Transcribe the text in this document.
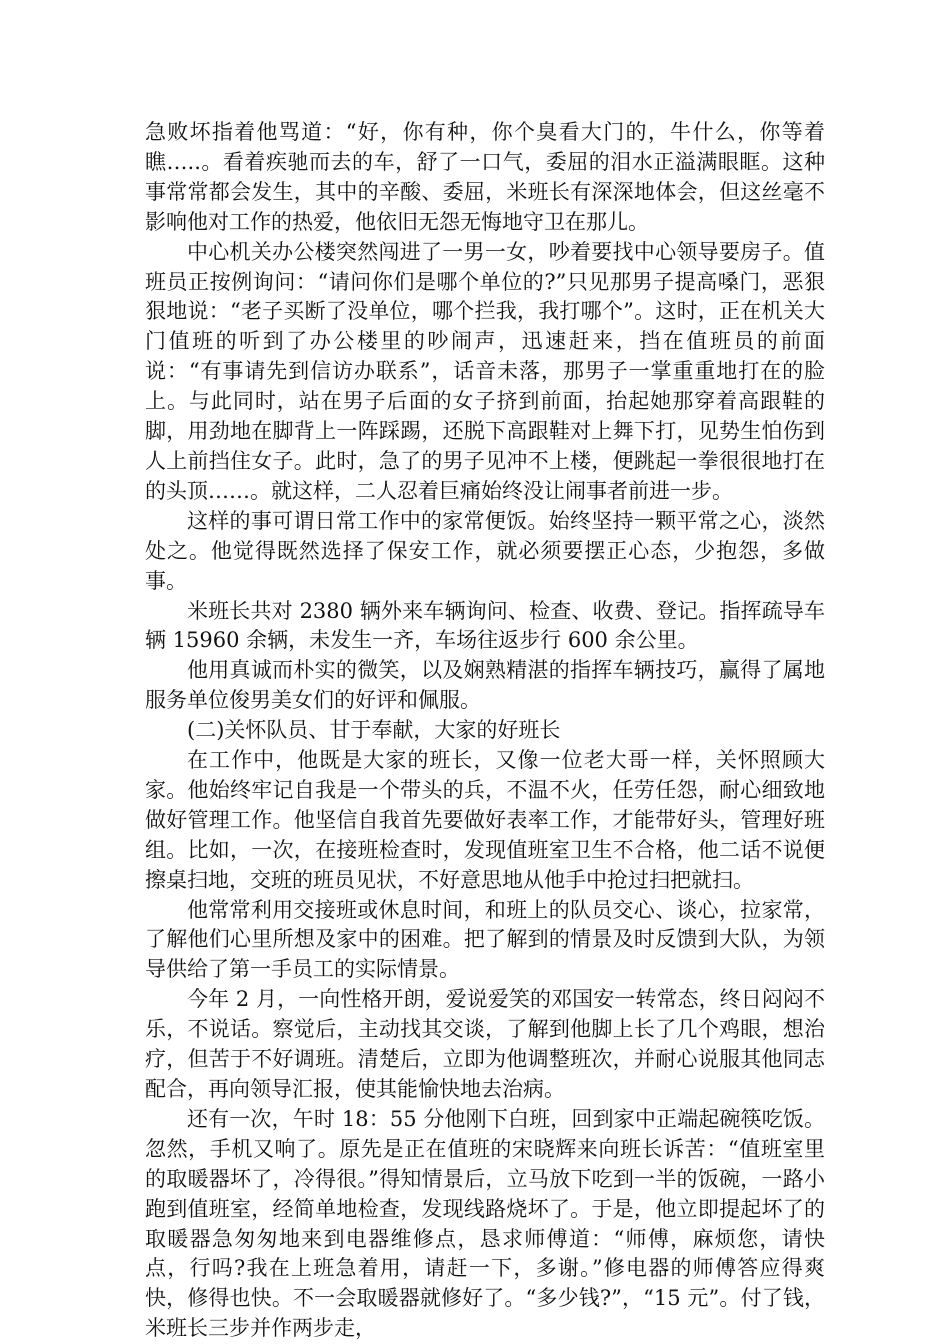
急败坏指着他骂道：“好，你有种，你个臭看大门的，牛什么，你等着瞧…..。看着疾驰而去的车，舒了一口气，委屈的泪水正溢满眼眶。这种事常常都会发生，其中的辛酸、委屈，米班长有深深地体会，但这丝毫不影响他对工作的热爱，他依旧无怨无悔地守卫在那儿。

中心机关办公楼突然闯进了一男一女，吵着要找中心领导要房子。值班员正按例询问：“请问你们是哪个单位的?”只见那男子提高嗓门，恶狠狠地说：“老子买断了没单位，哪个拦我，我打哪个”。这时，正在机关大门值班的听到了办公楼里的吵闹声，迅速赶来，挡在值班员的前面说：“有事请先到信访办联系”，话音未落，那男子一掌重重地打在的脸上。与此同时，站在男子后面的女子挤到前面，抬起她那穿着高跟鞋的脚，用劲地在脚背上一阵踩踢，还脱下高跟鞋对上舞下打，见势生怕伤到人上前挡住女子。此时，急了的男子见冲不上楼，便跳起一拳很很地打在的头顶……。就这样，二人忍着巨痛始终没让闹事者前进一步。

这样的事可谓日常工作中的家常便饭。始终坚持一颗平常之心，淡然处之。他觉得既然选择了保安工作，就必须要摆正心态，少抱怨，多做事。

米班长共对 2380 辆外来车辆询问、检查、收费、登记。指挥疏导车辆 15960 余辆，未发生一齐，车场往返步行 600 余公里。

他用真诚而朴实的微笑，以及娴熟精湛的指挥车辆技巧，赢得了属地服务单位俊男美女们的好评和佩服。

(二)关怀队员、甘于奉献，大家的好班长

在工作中，他既是大家的班长，又像一位老大哥一样，关怀照顾大家。他始终牢记自我是一个带头的兵，不温不火，任劳任怨，耐心细致地做好管理工作。他坚信自我首先要做好表率工作，才能带好头，管理好班组。比如，一次，在接班检查时，发现值班室卫生不合格，他二话不说便擦桌扫地，交班的班员见状，不好意思地从他手中抢过扫把就扫。

他常常利用交接班或休息时间，和班上的队员交心、谈心，拉家常，了解他们心里所想及家中的困难。把了解到的情景及时反馈到大队，为领导供给了第一手员工的实际情景。

今年 2 月，一向性格开朗，爱说爱笑的邓国安一转常态，终日闷闷不乐，不说话。察觉后，主动找其交谈，了解到他脚上长了几个鸡眼，想治疗，但苦于不好调班。清楚后，立即为他调整班次，并耐心说服其他同志配合，再向领导汇报，使其能愉快地去治病。

还有一次，午时 18：55 分他刚下白班，回到家中正端起碗筷吃饭。忽然，手机又响了。原先是正在值班的宋晓辉来向班长诉苦：“值班室里的取暖器坏了，冷得很。”得知情景后，立马放下吃到一半的饭碗，一路小跑到值班室，经简单地检查，发现线路烧坏了。于是，他立即提起坏了的取暖器急匆匆地来到电器维修点，恳求师傅道：“师傅，麻烦您，请快点，行吗?我在上班急着用，请赶一下，多谢。”修电器的师傅答应得爽快，修得也快。不一会取暖器就修好了。“多少钱?”，“15 元”。付了钱，米班长三步并作两步走，
